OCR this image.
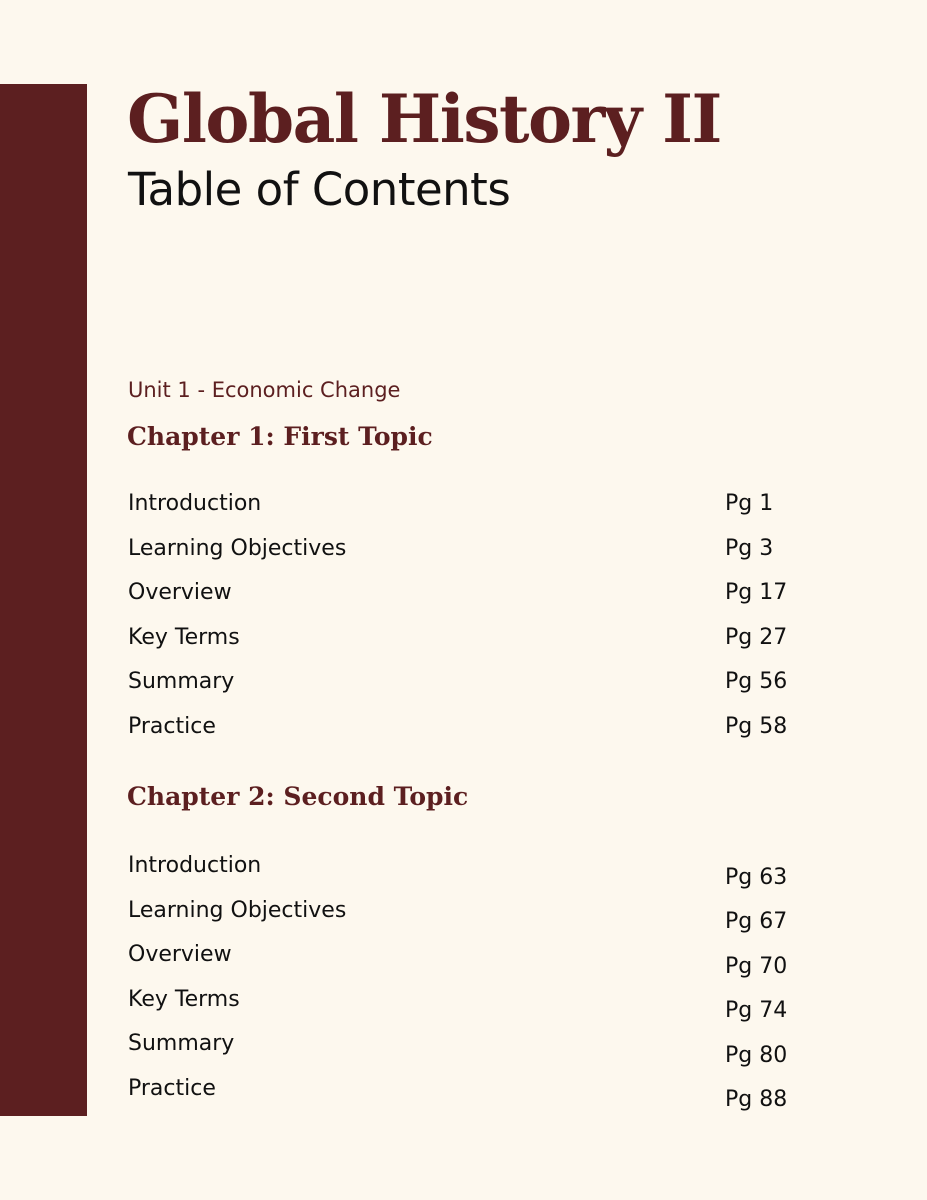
Global History II
Table of Contents
Unit 1 - Economic Change
Chapter 1: First Topic
Introduction	Pg 1
Learning Objectives	Pg 3
Overview	Pg 17
Key Terms	Pg 27
Summary	Pg 56
Practice	Pg 58
Chapter 2: Second Topic
Introduction	Pg 63
Learning Objectives	Pg 67
Overview	Pg 70
Key Terms	Pg 74
Summary	Pg 80
Practice	Pg 88
